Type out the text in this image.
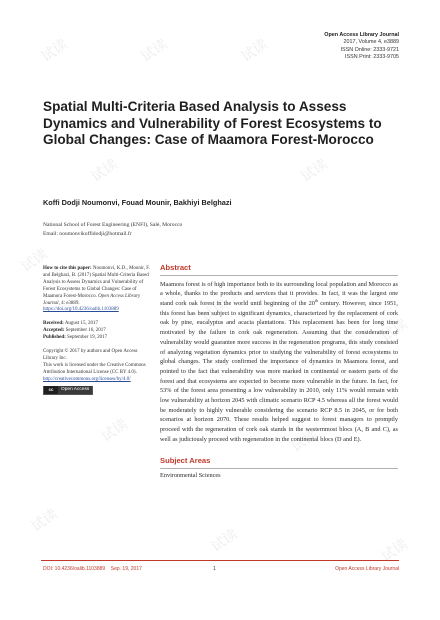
试读	试读	试读
试读	试读
试读
试读
试读
试读	试读
试读
试读	试读
Open Access Library Journal
2017, Volume 4, e3889
ISSN Online: 2333-9721
ISSN Print: 2333-9705
Spatial Multi-Criteria Based Analysis to Assess Dynamics and Vulnerability of Forest Ecosystems to Global Changes: Case of Maamora Forest-Morocco
Koffi Dodji Noumonvi, Fouad Mounir, Bakhiyi Belghazi
National School of Forest Engineering (ENFI), Salé, Morocco
Email: noumonvikoffidodji@hotmail.fr
How to cite this paper: Noumonvi, K.D., Mounir, F. and Belghazi, B. (2017) Spatial Multi-Criteria Based Analysis to Assess Dynamics and Vulnerability of Forest Ecosystems to Global Changes: Case of Maamora Forest-Morocco. Open Access Library Journal, 4: e3889.
https://doi.org/10.4236/oalib.1103889
Received: August 15, 2017
Accepted: September 16, 2017
Published: September 19, 2017
Copyright © 2017 by authors and Open Access Library Inc.
This work is licensed under the Creative Commons Attribution International License (CC BY 4.0).
http://creativecommons.org/licenses/by/4.0/
cc	Open Access
Abstract

Maamora forest is of high importance both to its surrounding local population and Morocco as a whole, thanks to the products and services that it provides. In fact, it was the largest one stand cork oak forest in the world until beginning of the 20th century. However, since 1951, this forest has been subject to significant dynamics, characterized by the replacement of cork oak by pine, eucalyptus and acacia plantations. This replacement has been for long time motivated by the failure in cork oak regeneration. Assuming that the consideration of vulnerability would guarantee more success in the regeneration programs, this study consisted of analyzing vegetation dynamics prior to studying the vulnerability of forest ecosystems to global changes. The study confirmed the importance of dynamics in Maamora forest, and pointed to the fact that vulnerability was more marked in continental or eastern parts of the forest and that ecosystems are expected to become more vulnerable in the future. In fact, for 53% of the forest area presenting a low vulnerability in 2010, only 11% would remain with low vulnerability at horizon 2045 with climatic scenario RCP 4.5 whereas all the forest would be moderately to highly vulnerable considering the scenario RCP 8.5 in 2045, or for both scenarios at horizon 2070. These results helped suggest to forest managers to promptly proceed with the regeneration of cork oak stands in the westernmost blocs (A, B and C), as well as judiciously proceed with regeneration in the continental blocs (D and E).

Subject Areas
Environmental Sciences
DOI: 10.4236/oalib.1103889 Sep. 19, 2017	1	Open Access Library Journal
